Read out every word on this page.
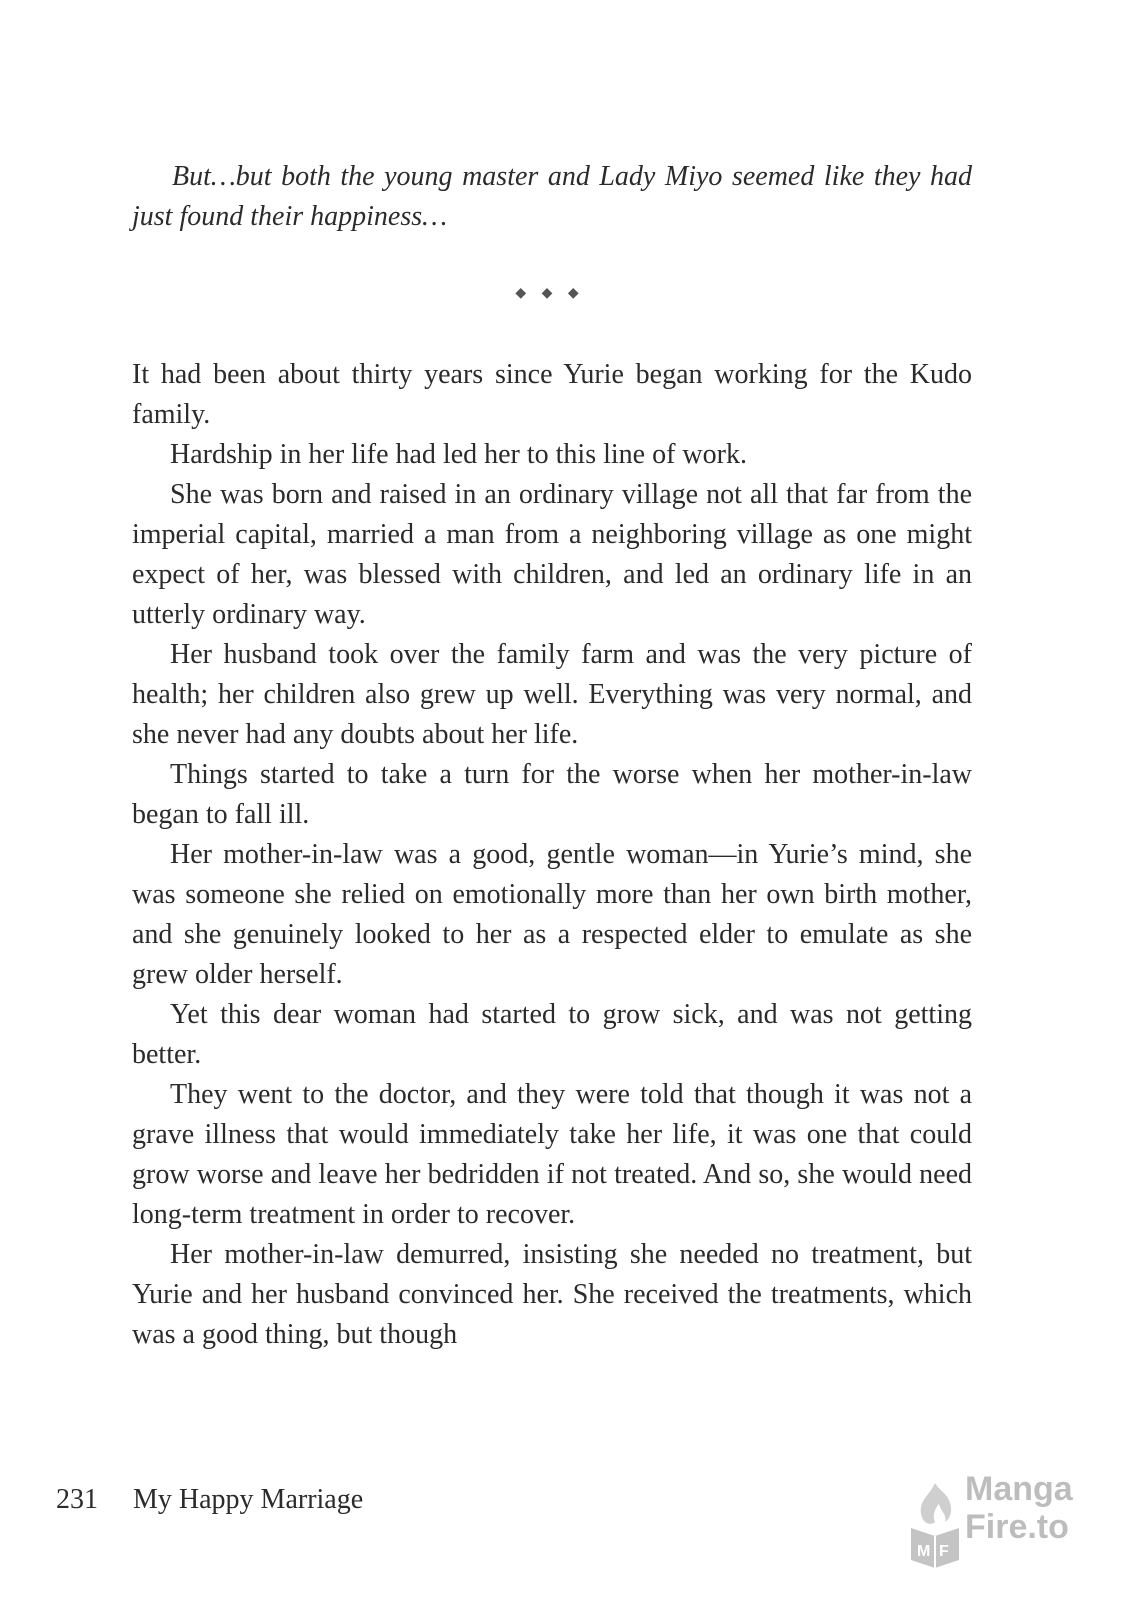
But…but both the young master and Lady Miyo seemed like they had just found their happiness…

◆ ◆ ◆

It had been about thirty years since Yurie began working for the Kudo family.

Hardship in her life had led her to this line of work.

She was born and raised in an ordinary village not all that far from the imperial capital, married a man from a neighboring village as one might expect of her, was blessed with children, and led an ordinary life in an utterly ordinary way.

Her husband took over the family farm and was the very picture of health; her children also grew up well. Everything was very normal, and she never had any doubts about her life.

Things started to take a turn for the worse when her mother-in-law began to fall ill.

Her mother-in-law was a good, gentle woman—in Yurie’s mind, she was someone she relied on emotionally more than her own birth mother, and she genuinely looked to her as a respected elder to emulate as she grew older herself.

Yet this dear woman had started to grow sick, and was not getting better.

They went to the doctor, and they were told that though it was not a grave illness that would immediately take her life, it was one that could grow worse and leave her bedridden if not treated. And so, she would need long-term treatment in order to recover.

Her mother-in-law demurred, insisting she needed no treatment, but Yurie and her husband convinced her. She received the treatments, which was a good thing, but though

231 My Happy Marriage
M F
Manga
Fire.to
